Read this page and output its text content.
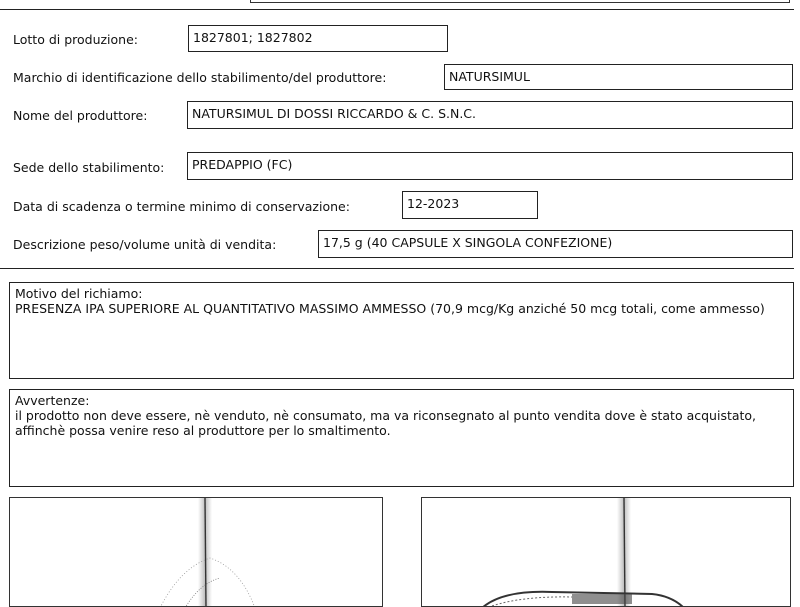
Lotto di produzione:	1827801; 1827802
Marchio di identificazione dello stabilimento/del produttore:	NATURSIMUL
Nome del produttore:	NATURSIMUL DI DOSSI RICCARDO & C. S.N.C.
Sede dello stabilimento:	PREDAPPIO (FC)
Data di scadenza o termine minimo di conservazione:	12-2023
Descrizione peso/volume unità di vendita:	17,5 g (40 CAPSULE X SINGOLA CONFEZIONE)
Motivo del richiamo:
PRESENZA IPA SUPERIORE AL QUANTITATIVO MASSIMO AMMESSO (70,9 mcg/Kg anziché 50 mcg totali, come ammesso)
Avvertenze:
il prodotto non deve essere, nè venduto, nè consumato, ma va riconsegnato al punto vendita dove è stato acquistato, affinchè possa venire reso al produttore per lo smaltimento.
